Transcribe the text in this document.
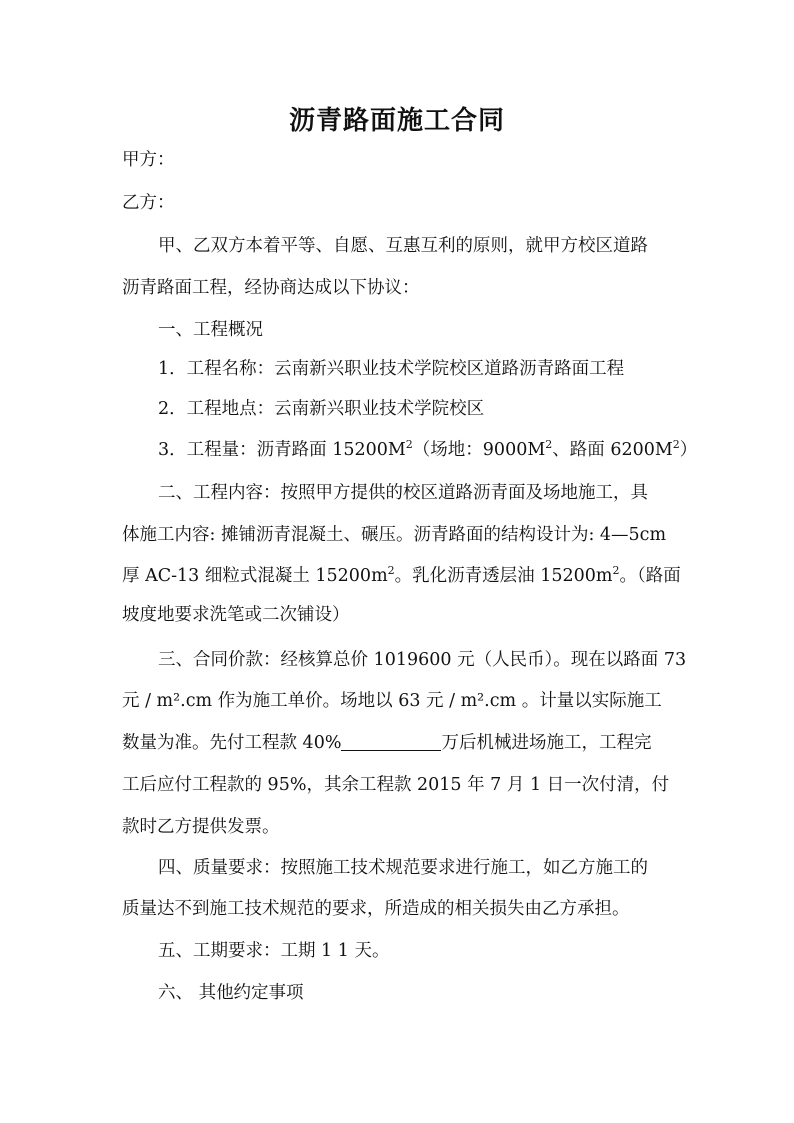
沥青路面施工合同
甲方：
乙方：
甲、乙双方本着平等、自愿、互惠互利的原则，就甲方校区道路
沥青路面工程，经协商达成以下协议：
一、工程概况
1．工程名称：云南新兴职业技术学院校区道路沥青路面工程
2．工程地点：云南新兴职业技术学院校区
3．工程量：沥青路面 $15200M^2$（场地：$9000M^2$、路面 $6200M^2$）
二、工程内容：按照甲方提供的校区道路沥青面及场地施工，具
体施工内容: 摊铺沥青混凝土、碾压。沥青路面的结构设计为: 4—5cm
厚 AC-13 细粒式混凝土 $15200m^2$。乳化沥青透层油 $15200m^2$。（路面
坡度地要求洗笔或二次铺设）
三、合同价款：经核算总价 1019600 元（人民币）。现在以路面 73
元 / m².cm 作为施工单价。场地以 63 元 / m².cm 。计量以实际施工
数量为准。先付工程款 40%	万后机械进场施工，工程完
工后应付工程款的 95%，其余工程款 2015 年 7 月 1 日一次付清，付
款时乙方提供发票。
四、质量要求：按照施工技术规范要求进行施工，如乙方施工的
质量达不到施工技术规范的要求，所造成的相关损失由乙方承担。
五、工期要求：工期 1 1 天。
六、 其他约定事项
